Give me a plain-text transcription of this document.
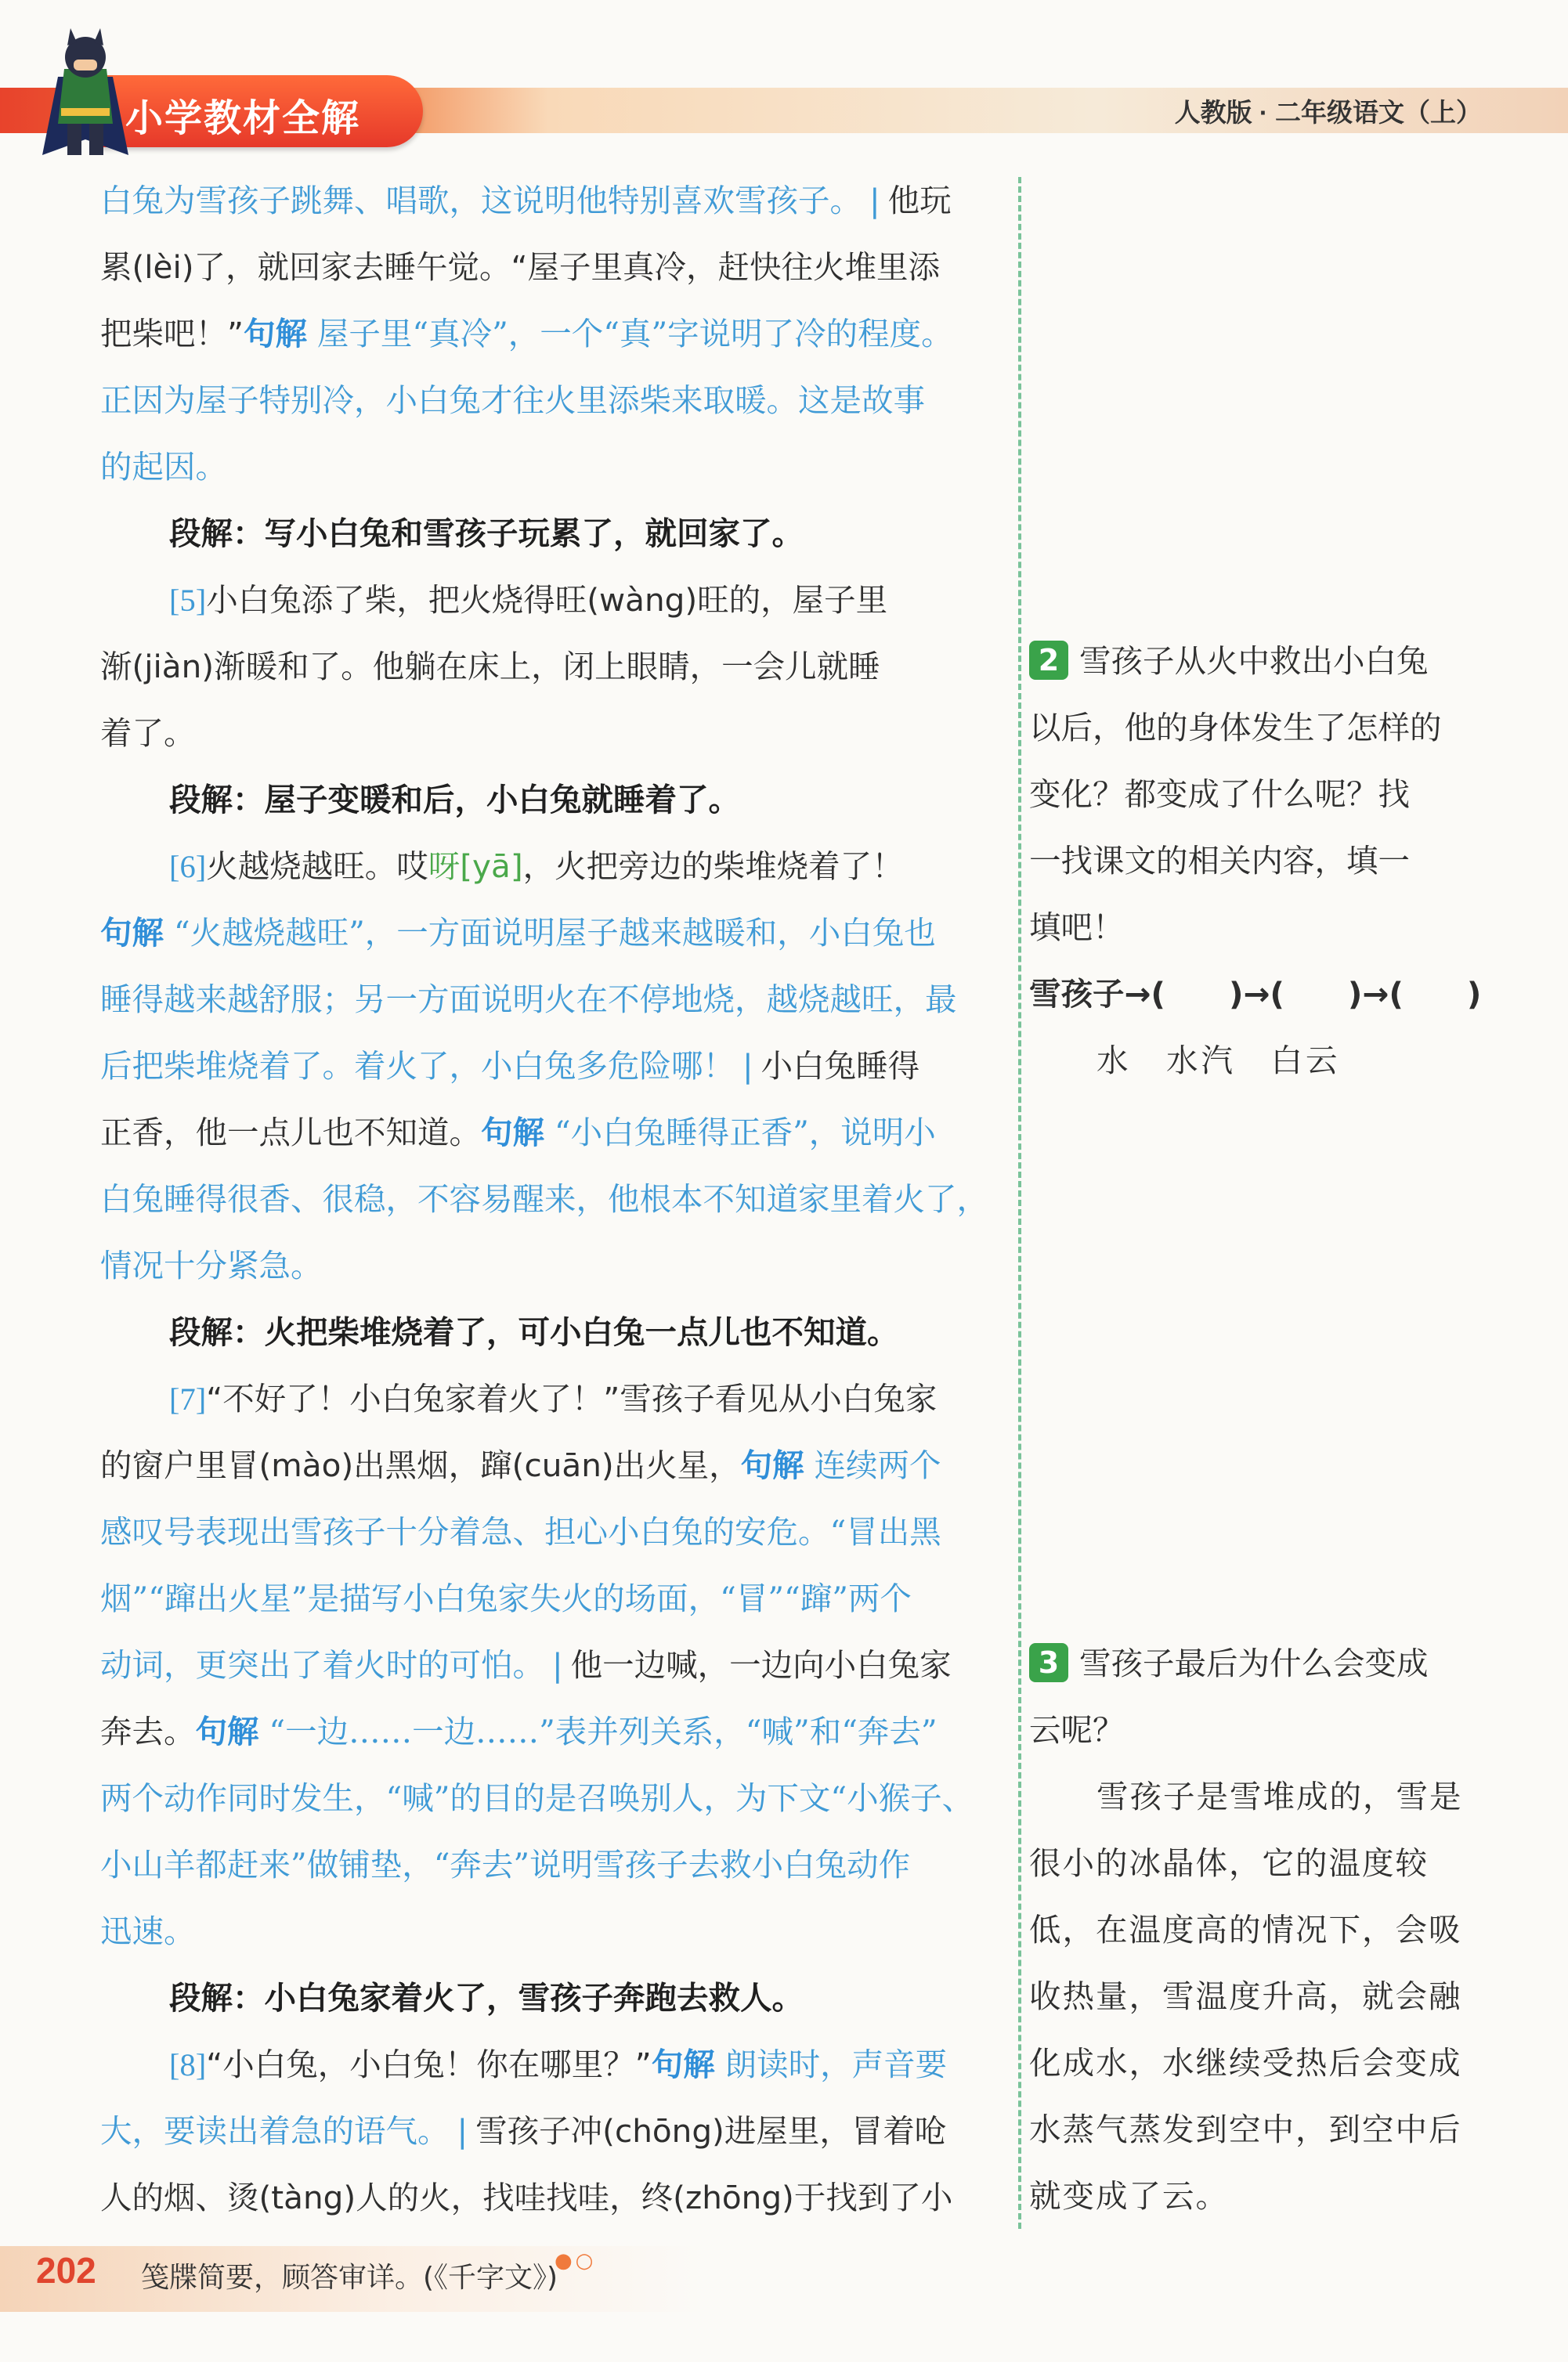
小学教材全解	人教版 · 二年级语文（上）
白兔为雪孩子跳舞、唱歌，这说明他特别喜欢雪孩子。 | 他玩
累(lèi)了，就回家去睡午觉。“屋子里真冷，赶快往火堆里添
把柴吧！”句解 屋子里“真冷”，一个“真”字说明了冷的程度。
正因为屋子特别冷，小白兔才往火里添柴来取暖。这是故事
的起因。
段解：写小白兔和雪孩子玩累了，就回家了。
[5]小白兔添了柴，把火烧得旺(wàng)旺的，屋子里
渐(jiàn)渐暖和了。他躺在床上，闭上眼睛，一会儿就睡
着了。
段解：屋子变暖和后，小白兔就睡着了。
[6]火越烧越旺。哎呀[yā]，火把旁边的柴堆烧着了！
句解 “火越烧越旺”，一方面说明屋子越来越暖和，小白兔也
睡得越来越舒服；另一方面说明火在不停地烧，越烧越旺，最
后把柴堆烧着了。着火了，小白兔多危险哪！ | 小白兔睡得
正香，他一点儿也不知道。句解 “小白兔睡得正香”，说明小
白兔睡得很香、很稳，不容易醒来，他根本不知道家里着火了，
情况十分紧急。
段解：火把柴堆烧着了，可小白兔一点儿也不知道。
[7]“不好了！小白兔家着火了！”雪孩子看见从小白兔家
的窗户里冒(mào)出黑烟，蹿(cuān)出火星，句解 连续两个
感叹号表现出雪孩子十分着急、担心小白兔的安危。“冒出黑
烟”“蹿出火星”是描写小白兔家失火的场面，“冒”“蹿”两个
动词，更突出了着火时的可怕。 | 他一边喊，一边向小白兔家
奔去。句解 “一边……一边……”表并列关系，“喊”和“奔去”
两个动作同时发生，“喊”的目的是召唤别人，为下文“小猴子、
小山羊都赶来”做铺垫，“奔去”说明雪孩子去救小白兔动作
迅速。
段解：小白兔家着火了，雪孩子奔跑去救人。
[8]“小白兔，小白兔！你在哪里？”句解 朗读时，声音要
大，要读出着急的语气。 | 雪孩子冲(chōng)进屋里，冒着呛
人的烟、烫(tàng)人的火，找哇找哇，终(zhōng)于找到了小
2 雪孩子从火中救出小白兔
以后，他的身体发生了怎样的
变化？都变成了什么呢？找
一找课文的相关内容，填一
填吧！
雪孩子→(　　)→(　　)→(　　)
水　水汽　白云
3 雪孩子最后为什么会变成
云呢？
雪孩子是雪堆成的，雪是
很小的冰晶体，它的温度较
低，在温度高的情况下，会吸
收热量，雪温度升高，就会融
化成水，水继续受热后会变成
水蒸气蒸发到空中，到空中后
就变成了云。
202 笺牒简要，顾答审详。(《千字文》)
●○
